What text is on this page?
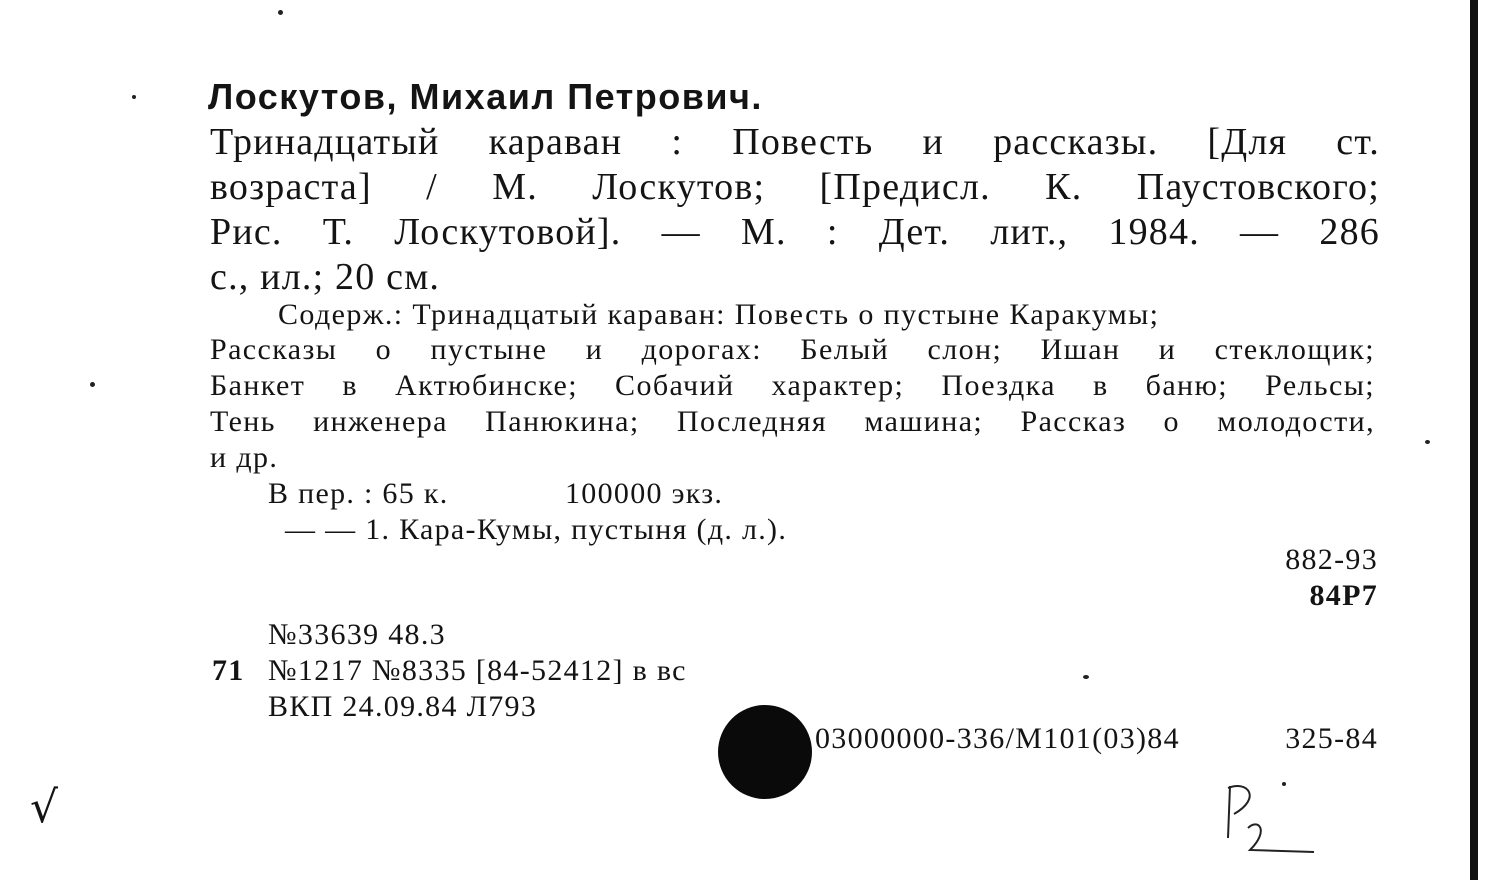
Лоскутов, Михаил Петрович.
Тринадцатый караван : Повесть и рассказы. [Для ст.
возраста] / М. Лоскутов; [Предисл. К. Паустовского;
Рис. Т. Лоскутовой]. — М. : Дет. лит., 1984. — 286
с., ил.; 20 см.
Содерж.: Тринадцатый караван: Повесть о пустыне Каракумы;
Рассказы о пустыне и дорогах: Белый слон; Ишан и стеклощик;
Банкет в Актюбинске; Собачий характер; Поездка в баню; Рельсы;
Тень инженера Панюкина; Последняя машина; Рассказ о молодости,
и др.
В пер. : 65 к.	100000 экз.
— — 1. Кара-Кумы, пустыня (д. л.).
882-93
84Р7
№33639 48.3
71 №1217 №8335 [84-52412] в вс
ВКП 24.09.84 Л793
03000000-336/М101(03)84	325-84
√
